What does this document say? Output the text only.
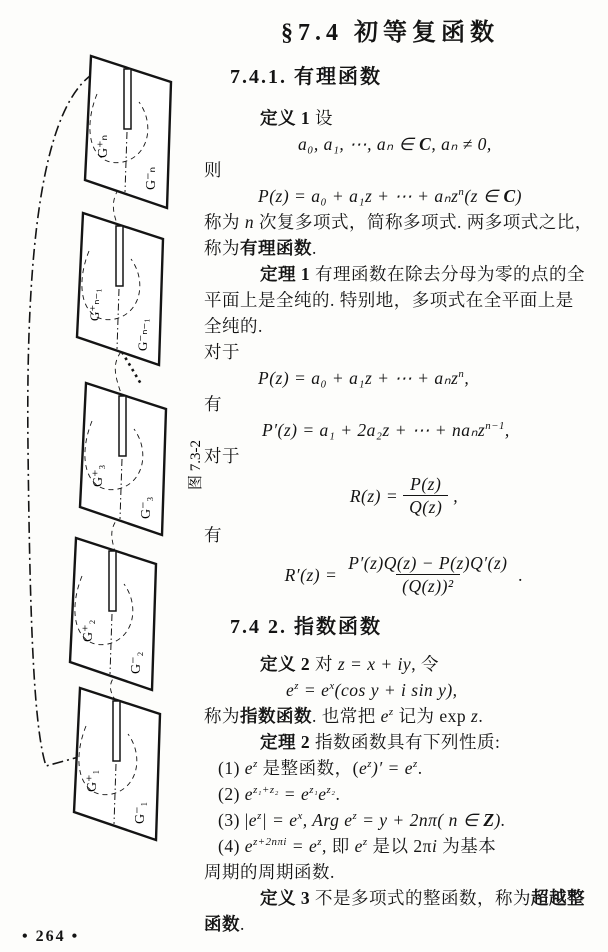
G⁺ₙ
G⁻ₙ
G⁺ₙ₋₁
G⁻ₙ₋₁
G⁺₃
G⁻₃
G⁺₂
G⁻₂
G⁺₁
G⁻₁
图 7.3-2
§7.4 初等复函数
7.4.1. 有理函数
定义 1 设
a₀, a₁, ⋯, aₙ ∈ C, aₙ ≠ 0,
则
P(z) = a₀ + a₁z + ⋯ + aₙz$^n$(z ∈ C)
称为 n 次复多项式，简称多项式. 两多项式之比，
称为有理函数.
定理 1 有理函数在除去分母为零的点的全
平面上是全纯的. 特别地，多项式在全平面上是
全纯的.
对于
P(z) = a₀ + a₁z + ⋯ + aₙz$^n$,
有
P′(z) = a₁ + 2a₂z + ⋯ + naₙz$^{n-1}$,
对于
$R(z) = \frac{P(z)}{Q(z)}$ ,
有
$R'(z) = \frac{P'(z)Q(z) - P(z)Q'(z)}{\text{(Q(z))²}}$ .
7.4 2. 指数函数
定义 2 对 z = x + iy, 令
$e^z = e^x(\cos$ y + i sin y),
称为指数函数. 也常把 $e^z$ 记为 exp z.
定理 2 指数函数具有下列性质:
(1) $e^z$ 是整函数，$(e^z)' = e^z$.
(2) $e^{z_1+z_2} = e^{z_1}e^{z_2}$.
(3) $|e^z| = e^x$, Arg $e^z = y + 2n\pi$( n ∈ Z).
(4) $e^{z+2n\pi i} = e^z$, 即 $e^z$ 是以 2πi 为基本
周期的周期函数.
定义 3 不是多项式的整函数，称为超越整
函数.
• 264 •
